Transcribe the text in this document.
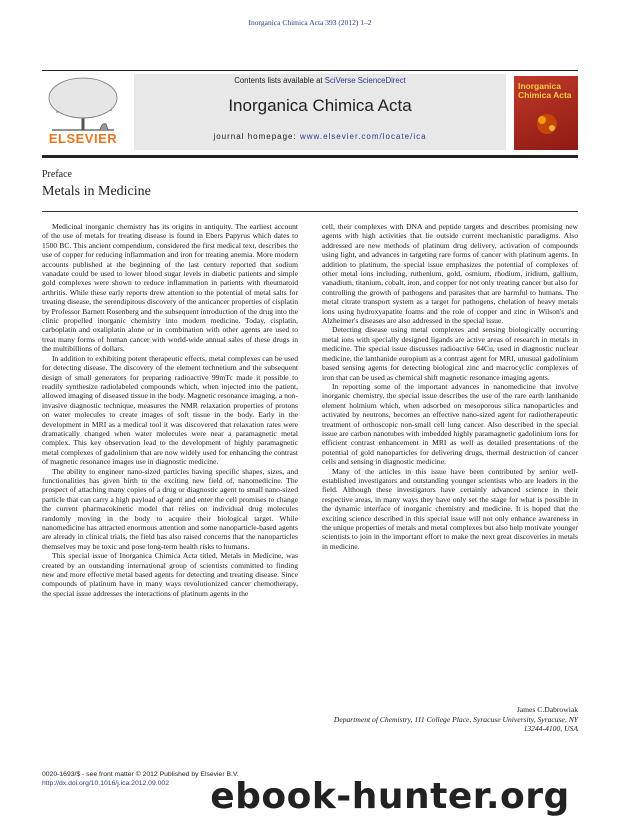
Inorganica Chimica Acta 393 (2012) 1–2
ELSEVIER
Contents lists available at SciVerse ScienceDirect
Inorganica Chimica Acta
journal homepage: www.elsevier.com/locate/ica
Inorganica Chimica Acta
Preface
Metals in Medicine

Medicinal inorganic chemistry has its origins in antiquity. The earliest account of the use of metals for treating disease is found in Ebers Papyrus which dates to 1500 BC. This ancient compendium, considered the first medical text, describes the use of copper for reducing inflammation and iron for treating anemia. More modern accounts published at the beginning of the last century reported that sodium vanadate could be used to lower blood sugar levels in diabetic patients and simple gold complexes were shown to reduce inflammation in patients with rheumatoid arthritis. While these early reports drew attention to the potential of metal salts for treating disease, the serendipitous discovery of the anticancer properties of cisplatin by Professor Barnett Rosenberg and the subsequent introduction of the drug into the clinic propelled inorganic chemistry into modern medicine. Today, cisplatin, carboplatin and oxaliplatin alone or in combination with other agents are used to treat many forms of human cancer with world-wide annual sales of these drugs in the multibillions of dollars.

In addition to exhibiting potent therapeutic effects, metal complexes can be used for detecting disease. The discovery of the element technetium and the subsequent design of small generators for preparing radioactive 99mTc made it possible to readily synthesize radiolabeled compounds which, when injected into the patient, allowed imaging of diseased tissue in the body. Magnetic resonance imaging, a non-invasive diagnostic technique, measures the NMR relaxation properties of protons on water molecules to create images of soft tissue in the body. Early in the development in MRI as a medical tool it was discovered that relaxation rates were dramatically changed when water molecules were near a paramagnetic metal complex. This key observation lead to the development of highly paramagnetic metal complexes of gadolinium that are now widely used for enhancing the contrast of magnetic resonance images use in diagnostic medicine.

The ability to engineer nano-sized particles having specific shapes, sizes, and functionalities has given birth to the exciting new field of, nanomedicine. The prospect of attaching many copies of a drug or diagnostic agent to small nano-sized particle that can carry a high payload of agent and enter the cell promises to change the current pharmacokinetic model that relies on individual drug molecules randomly moving in the body to acquire their biological target. While nanomedicine has attracted enormous attention and some nanoparticle-based agents are already in clinical trials, the field has also raised concerns that the nanoparticles themselves may be toxic and pose long-term health risks to humans.

This special issue of Inorganica Chimica Acta titled, Metals in Medicine, was created by an outstanding international group of scientists committed to finding new and more effective metal based agents for detecting and treating disease. Since compounds of platinum have in many ways revolutionized cancer chemotherapy, the special issue addresses the interactions of platinum agents in the

cell, their complexes with DNA and peptide targets and describes promising new agents with high activities that lie outside current mechanistic paradigms. Also addressed are new methods of platinum drug delivery, activation of compounds using light, and advances in targeting rare forms of cancer with platinum agents. In addition to platinum, the special issue emphasizes the potential of complexes of other metal ions including, ruthenium, gold, osmium, rhodium, iridium, gallium, vanadium, titanium, cobalt, iron, and copper for not only treating cancer but also for controlling the growth of pathogens and parasites that are harmful to humans. The metal citrate transport system as a target for pathogens, chelation of heavy metals ions using hydroxyapatite foams and the role of copper and zinc in Wilson's and Alzheimer's diseases are also addressed in the special issue.

Detecting disease using metal complexes and sensing biologically occurring metal ions with specially designed ligands are active areas of research in metals in medicine. The special issue discusses radioactive 64Cu, used in diagnostic nuclear medicine, the lanthanide europium as a contrast agent for MRI, unusual gadolinium based sensing agents for detecting biological zinc and macrocyclic complexes of iron that can be used as chemical shift magnetic resonance imaging agents.

In reporting some of the important advances in nanomedicine that involve inorganic chemistry, the special issue describes the use of the rare earth lanthanide element holmium which, when adsorbed on mesoporous silica nanoparticles and activated by neutrons, becomes an effective nano-sized agent for radiotherapeutic treatment of orthoscopic non-small cell lung cancer. Also described in the special issue are carbon nanotubes with imbedded highly paramagnetic gadolinium ions for efficient contrast enhancement in MRI as well as detailed presentations of the potential of gold nanoparticles for delivering drugs, thermal destruction of cancer cells and sensing in diagnostic medicine.

Many of the articles in this issue have been contributed by senior well-established investigators and outstanding younger scientists who are leaders in the field. Although these investigators have certainly advanced science in their respective areas, in many ways they have only set the stage for what is possible in the dynamic interface of inorganic chemistry and medicine. It is hoped that the exciting science described in this special issue will not only enhance awareness in the unique properties of metals and metal complexes but also help motivate younger scientists to join in the important effort to make the next great discoveries in metals in medicine.

James C.Dabrowiak
Department of Chemistry, 111 College Place, Syracuse University, Syracuse, NY 13244-4100, USA
0020-1693/$ - see front matter © 2012 Published by Elsevier B.V.
http://dx.doi.org/10.1016/j.ica.2012.09.002	ebook-hunter.org
